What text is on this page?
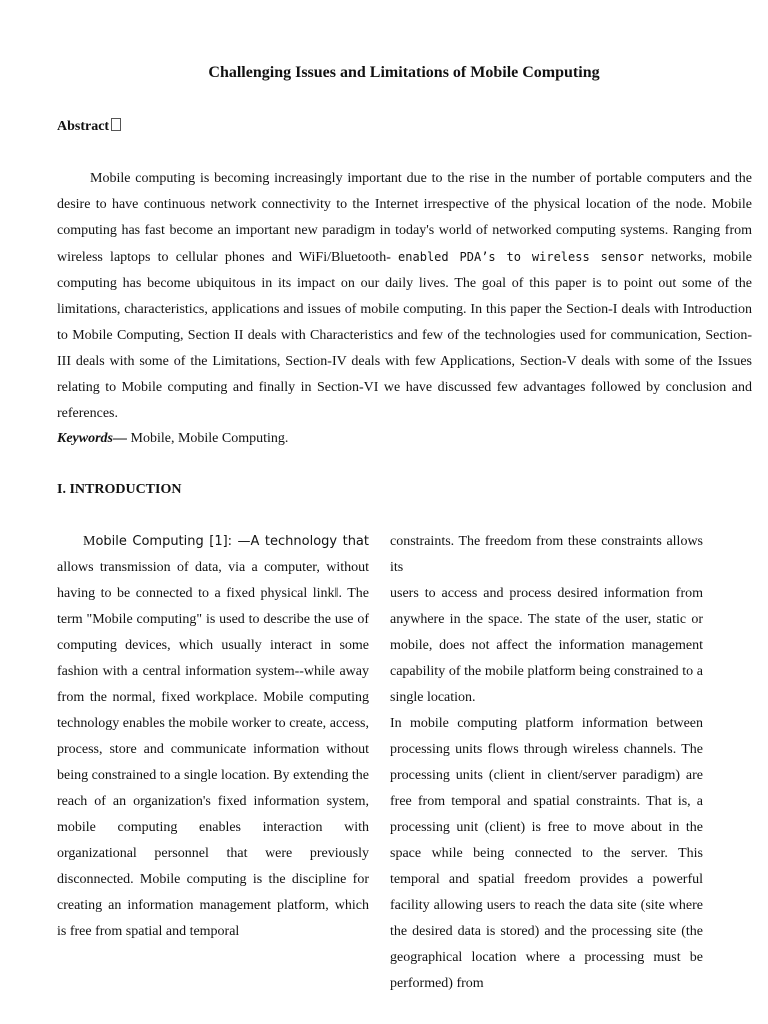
Challenging Issues and Limitations of Mobile Computing
Abstract

Mobile computing is becoming increasingly important due to the rise in the number of portable computers and the desire to have continuous network connectivity to the Internet irrespective of the physical location of the node. Mobile computing has fast become an important new paradigm in today's world of networked computing systems. Ranging from wireless laptops to cellular phones and WiFi/Bluetooth- enabled PDA’s to wireless sensor networks, mobile computing has become ubiquitous in its impact on our daily lives. The goal of this paper is to point out some of the limitations, characteristics, applications and issues of mobile computing. In this paper the Section-I deals with Introduction to Mobile Computing, Section II deals with Characteristics and few of the technologies used for communication, Section-III deals with some of the Limitations, Section-IV deals with few Applications, Section-V deals with some of the Issues relating to Mobile computing and finally in Section-VI we have discussed few advantages followed by conclusion and references.

Keywords— Mobile, Mobile Computing.

I. INTRODUCTION

Mobile Computing [1]: —A technology that allows transmission of data, via a computer, without having to be connected to a fixed physical link‖. The term "Mobile computing" is used to describe the use of computing devices, which usually interact in some fashion with a central information system--while away from the normal, fixed workplace. Mobile computing technology enables the mobile worker to create, access, process, store and communicate information without being constrained to a single location. By extending the reach of an organization's fixed information system, mobile computing enables interaction with organizational personnel that were previously disconnected. Mobile computing is the discipline for creating an information management platform, which is free from spatial and temporal

constraints. The freedom from these constraints allows its

users to access and process desired information from anywhere in the space. The state of the user, static or mobile, does not affect the information management capability of the mobile platform being constrained to a single location.

In mobile computing platform information between processing units flows through wireless channels. The processing units (client in client/server paradigm) are free from temporal and spatial constraints. That is, a processing unit (client) is free to move about in the space while being connected to the server. This temporal and spatial freedom provides a powerful facility allowing users to reach the data site (site where the desired data is stored) and the processing site (the geographical location where a processing must be performed) from
